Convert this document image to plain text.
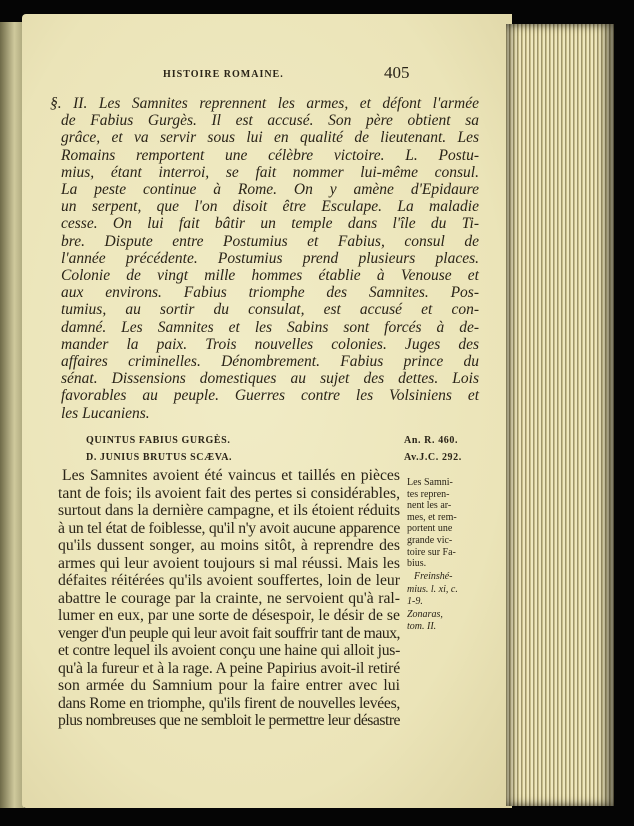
HISTOIRE ROMAINE.	405
QUINTUS FABIUS GURGÈS.
D. JUNIUS BRUTUS SCÆVA.
An. R. 460.
Av.J.C. 292.
§. II. Les Samnites reprennent les armes, et défont l'armée
de Fabius Gurgès. Il est accusé. Son père obtient sa
grâce, et va servir sous lui en qualité de lieutenant. Les
Romains remportent une célèbre victoire. L. Postu-
mius, étant interroi, se fait nommer lui-même consul.
La peste continue à Rome. On y amène d'Epidaure
un serpent, que l'on disoit être Esculape. La maladie
cesse. On lui fait bâtir un temple dans l'île du Ti-
bre. Dispute entre Postumius et Fabius, consul de
l'année précédente. Postumius prend plusieurs places.
Colonie de vingt mille hommes établie à Venouse et
aux environs. Fabius triomphe des Samnites. Pos-
tumius, au sortir du consulat, est accusé et con-
damné. Les Samnites et les Sabins sont forcés à de-
mander la paix. Trois nouvelles colonies. Juges des
affaires criminelles. Dénombrement. Fabius prince du
sénat. Dissensions domestiques au sujet des dettes. Lois
favorables au peuple. Guerres contre les Volsiniens et
les Lucaniens.
Les Samnites avoient été vaincus et taillés en pièces
tant de fois; ils avoient fait des pertes si considérables,
surtout dans la dernière campagne, et ils étoient réduits
à un tel état de foiblesse, qu'il n'y avoit aucune apparence
qu'ils dussent songer, au moins sitôt, à reprendre des
armes qui leur avoient toujours si mal réussi. Mais les
défaites réitérées qu'ils avoient souffertes, loin de leur
abattre le courage par la crainte, ne servoient qu'à ral-
lumer en eux, par une sorte de désespoir, le désir de se
venger d'un peuple qui leur avoit fait souffrir tant de maux,
et contre lequel ils avoient conçu une haine qui alloit jus-
qu'à la fureur et à la rage. A peine Papirius avoit-il retiré
son armée du Samnium pour la faire entrer avec lui
dans Rome en triomphe, qu'ils firent de nouvelles levées,
plus nombreuses que ne sembloit le permettre leur désastre
Les Samni-
tes repren-
nent les ar-
mes, et rem-
portent une
grande vic-
toire sur Fa-
bius.
Freinshé-
mius. l. xi, c.
1-9.
Zonaras,
tom. II.
